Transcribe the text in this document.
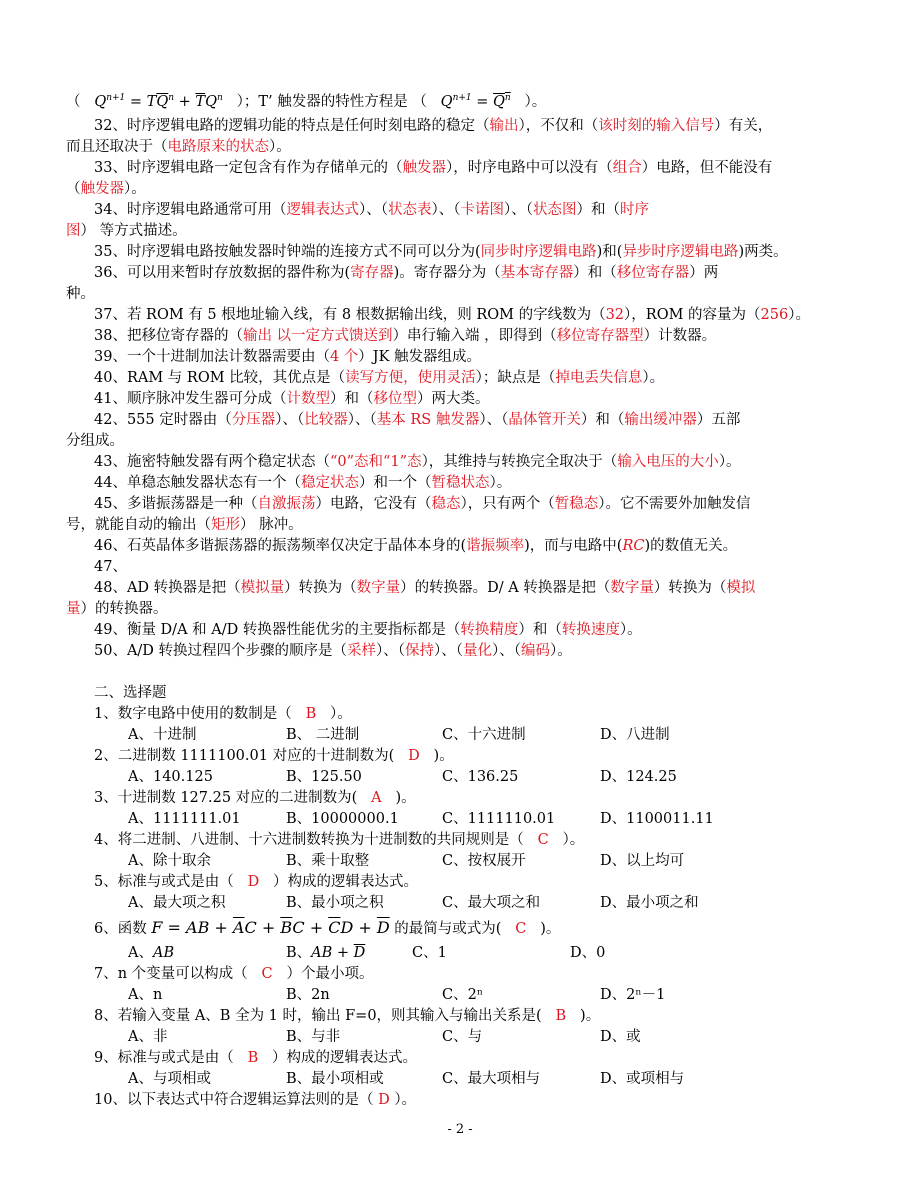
（   $Q^{n+1} = T\overline{Q}^n + \overline{T}Q^n$ ）；T’ 触发器的特性方程是 （   $Q^{n+1} = Q^n$ ）。
32、时序逻辑电路的逻辑功能的特点是任何时刻电路的稳定（输出），不仅和（该时刻的输入信号）有关，
而且还取决于（电路原来的状态）。
33、时序逻辑电路一定包含有作为存储单元的（触发器），时序电路中可以没有（组合）电路，但不能没有
（触发器）。
34、时序逻辑电路通常可用（逻辑表达式）、（状态表）、（卡诺图）、（状态图）和（时序
图） 等方式描述。
35、时序逻辑电路按触发器时钟端的连接方式不同可以分为(同步时序逻辑电路)和(异步时序逻辑电路)两类。
36、可以用来暂时存放数据的器件称为(寄存器)。寄存器分为（基本寄存器）和（移位寄存器）两
种。
37、若 ROM 有 5 根地址输入线，有 8 根数据输出线，则 ROM 的字线数为（32），ROM 的容量为（256）。
38、把移位寄存器的（输出 以一定方式馈送到）串行输入端 ，即得到（移位寄存器型）计数器。
39、一个十进制加法计数器需要由（4 个）JK 触发器组成。
40、RAM 与 ROM 比较，其优点是（读写方便，使用灵活）；缺点是（掉电丢失信息）。
41、顺序脉冲发生器可分成（计数型）和（移位型）两大类。
42、555 定时器由（分压器）、（比较器）、（基本 RS 触发器）、（晶体管开关）和（输出缓冲器）五部
分组成。
43、施密特触发器有两个稳定状态（“0”态和“1”态），其维持与转换完全取决于（输入电压的大小）。
44、单稳态触发器状态有一个（稳定状态）和一个（暂稳状态）。
45、多谐振荡器是一种（自激振荡）电路，它没有（稳态），只有两个（暂稳态）。它不需要外加触发信
号，就能自动的输出（矩形） 脉冲。
46、石英晶体多谐振荡器的振荡频率仅决定于晶体本身的(谐振频率)，而与电路中(RC)的数值无关。
47、
48、AD 转换器是把（模拟量）转换为（数字量）的转换器。D/ A 转换器是把（数字量）转换为（模拟
量）的转换器。
49、衡量 D/A 和 A/D 转换器性能优劣的主要指标都是（转换精度）和（转换速度）。
50、A/D 转换过程四个步骤的顺序是（采样）、（保持）、（量化）、（编码）。
二、选择题
1、数字电路中使用的数制是（ B ）。
A、十进制	B、 二进制	C、十六进制	D、八进制
2、二进制数 1111100.01 对应的十进制数为( D )。
A、140.125	B、125.50	C、136.25	D、124.25
3、十进制数 127.25 对应的二进制数为( A )。
A、1111111.01	B、10000000.1	C、1111110.01	D、1100011.11
4、将二进制、八进制、十六进制数转换为十进制数的共同规则是（ C ）。
A、除十取余	B、乘十取整	C、按权展开	D、以上均可
5、标准与或式是由（ D ）构成的逻辑表达式。
A、最大项之积	B、最小项之积	C、最大项之和	D、最小项之和
6、函数 F = AB + $\overline{A}C + \overline{B}C + \overline{C}D + \overline{D}$ 的最简与或式为( C )。
A、AB	B、AB + $\overline{D}$	C、1	D、0
7、n 个变量可以构成（ C ）个最小项。
A、n	B、2n	C、2ⁿ	D、2ⁿ－1
8、若输入变量 A、B 全为 1 时，输出 F=0，则其输入与输出关系是( B )。
A、非	B、与非	C、与	D、或
9、标准与或式是由（ B ）构成的逻辑表达式。
A、与项相或	B、最小项相或	C、最大项相与	D、或项相与
10、以下表达式中符合逻辑运算法则的是（ D ）。
- 2 -
